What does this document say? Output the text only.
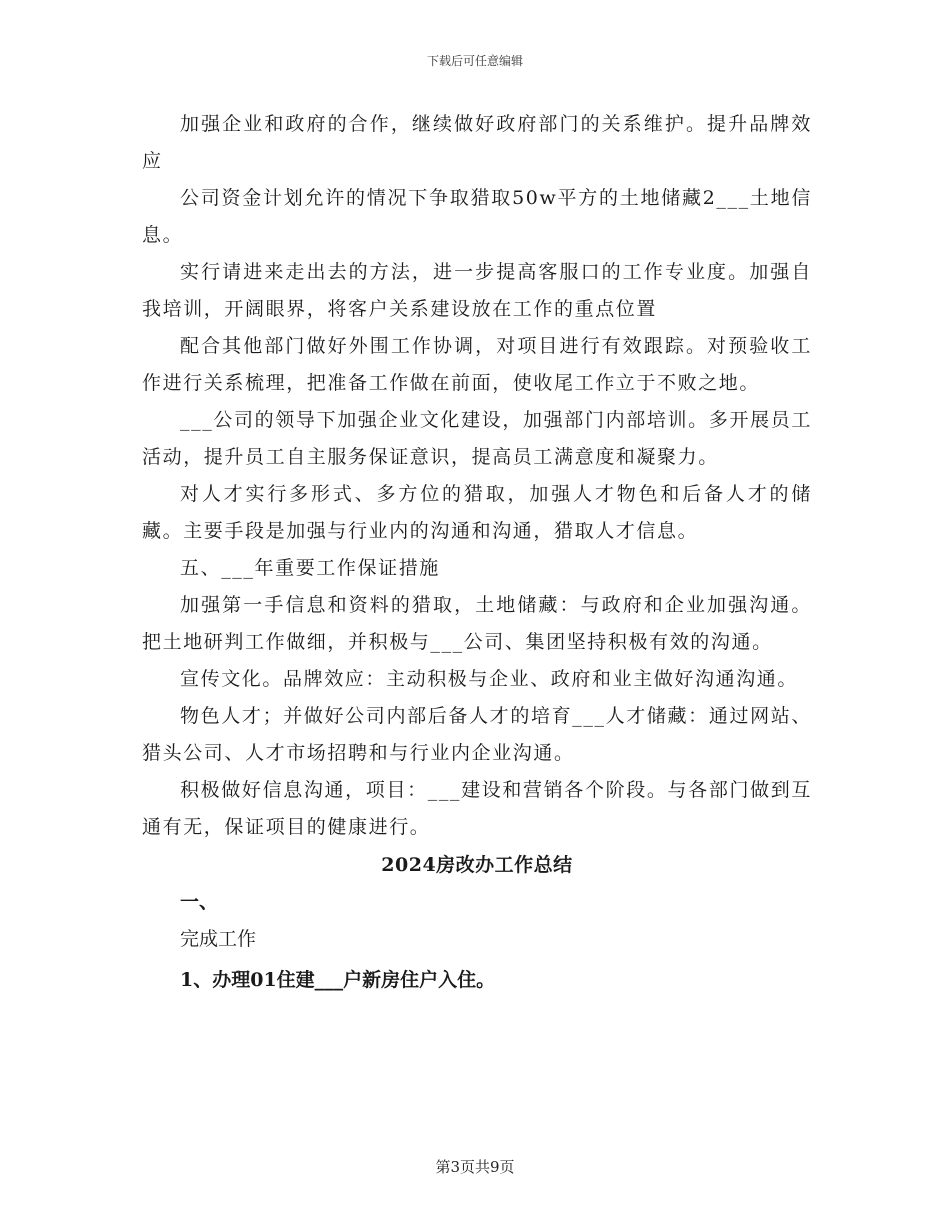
下载后可任意编辑

加强企业和政府的合作，继续做好政府部门的关系维护。提升品牌效应

公司资金计划允许的情况下争取猎取50w平方的土地储藏2___土地信息。

实行请进来走出去的方法，进一步提高客服口的工作专业度。加强自我培训，开阔眼界，将客户关系建设放在工作的重点位置

配合其他部门做好外围工作协调，对项目进行有效跟踪。对预验收工作进行关系梳理，把准备工作做在前面，使收尾工作立于不败之地。

___公司的领导下加强企业文化建设，加强部门内部培训。多开展员工活动，提升员工自主服务保证意识，提高员工满意度和凝聚力。

对人才实行多形式、多方位的猎取，加强人才物色和后备人才的储藏。主要手段是加强与行业内的沟通和沟通，猎取人才信息。

五、___年重要工作保证措施

加强第一手信息和资料的猎取，土地储藏：与政府和企业加强沟通。把土地研判工作做细，并积极与___公司、集团坚持积极有效的沟通。

宣传文化。品牌效应：主动积极与企业、政府和业主做好沟通沟通。

物色人才；并做好公司内部后备人才的培育___人才储藏：通过网站、猎头公司、人才市场招聘和与行业内企业沟通。

积极做好信息沟通，项目：___建设和营销各个阶段。与各部门做到互通有无，保证项目的健康进行。

2024房改办工作总结

一、

完成工作

1、办理01住建___户新房住户入住。

第3页共9页
